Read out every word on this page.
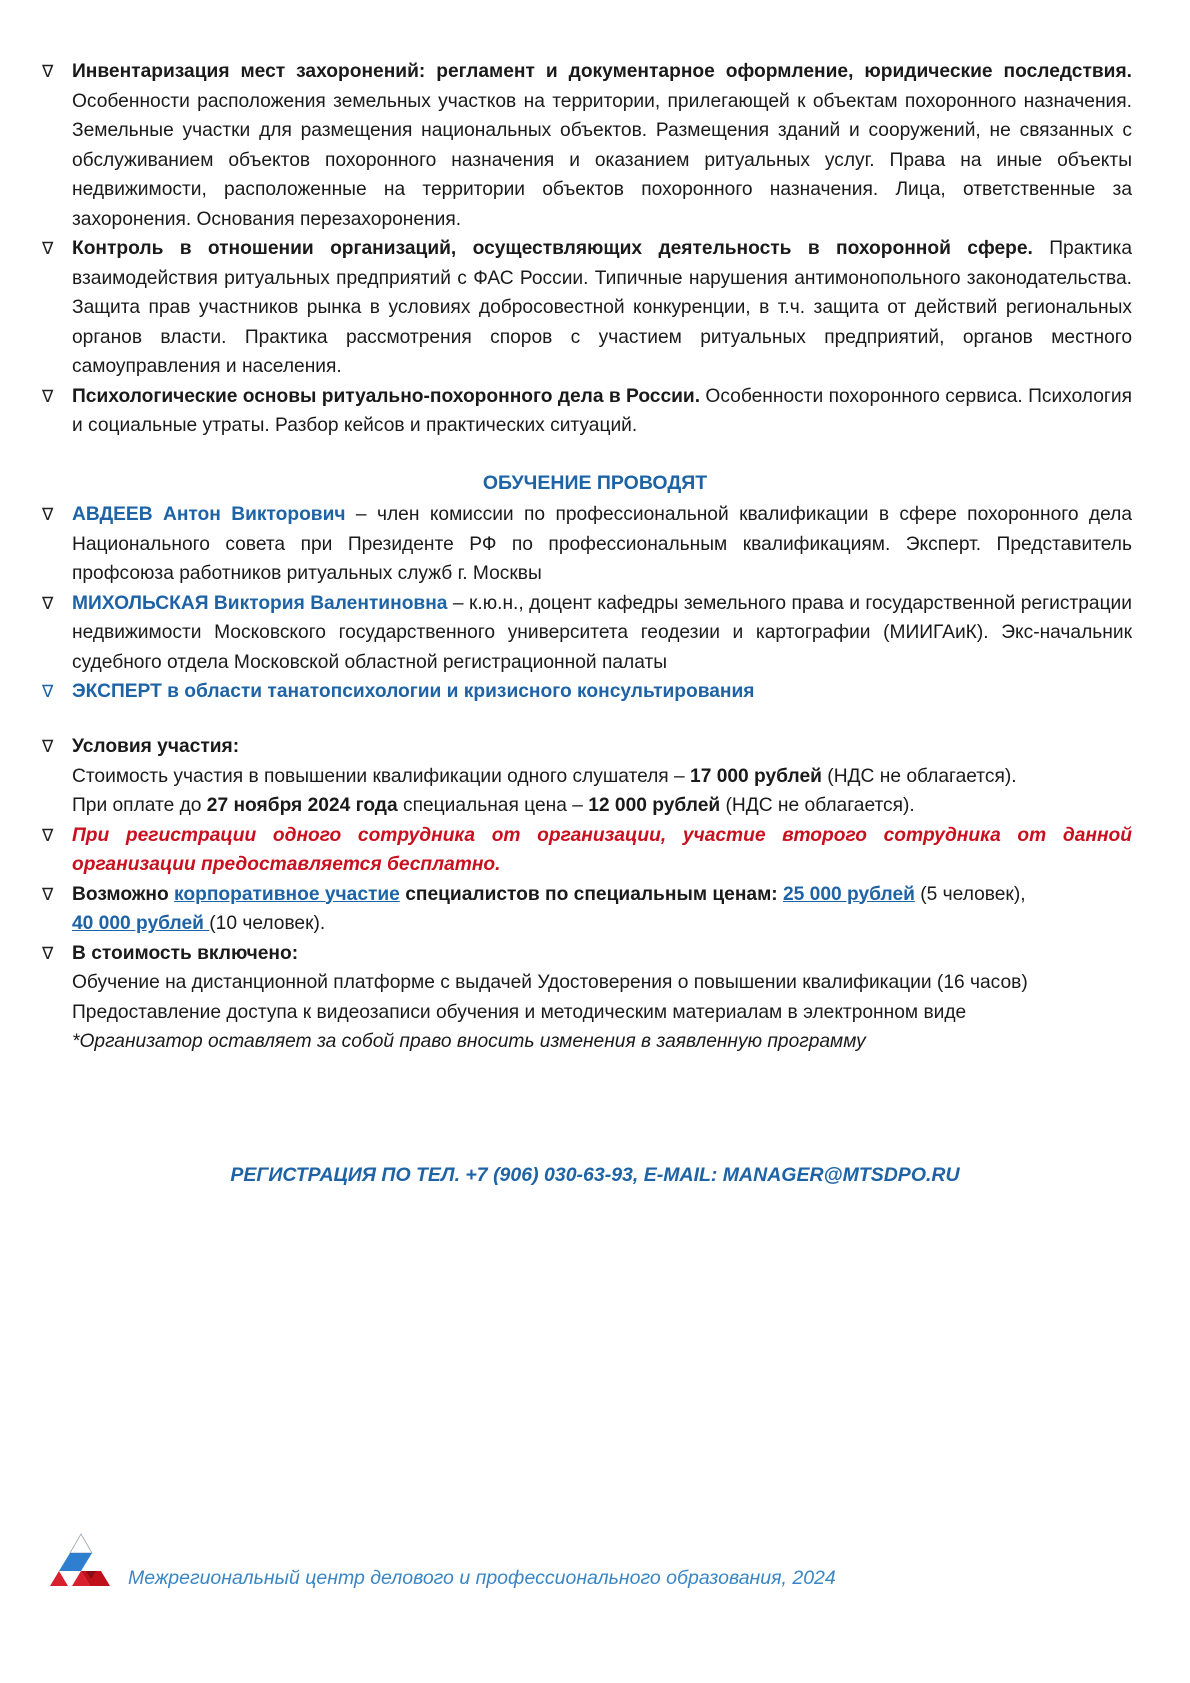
∇ Инвентаризация мест захоронений: регламент и документарное оформление, юридические последствия. Особенности расположения земельных участков на территории, прилегающей к объектам похоронного назначения. Земельные участки для размещения национальных объектов. Размещения зданий и сооружений, не связанных с обслуживанием объектов похоронного назначения и оказанием ритуальных услуг. Права на иные объекты недвижимости, расположенные на территории объектов похоронного назначения. Лица, ответственные за захоронения. Основания перезахоронения.
∇ Контроль в отношении организаций, осуществляющих деятельность в похоронной сфере. Практика взаимодействия ритуальных предприятий с ФАС России. Типичные нарушения антимонопольного законодательства. Защита прав участников рынка в условиях добросовестной конкуренции, в т.ч. защита от действий региональных органов власти. Практика рассмотрения споров с участием ритуальных предприятий, органов местного самоуправления и населения.
∇ Психологические основы ритуально-похоронного дела в России. Особенности похоронного сервиса. Психология и социальные утраты. Разбор кейсов и практических ситуаций.
ОБУЧЕНИЕ ПРОВОДЯТ
∇ АВДЕЕВ Антон Викторович – член комиссии по профессиональной квалификации в сфере похоронного дела Национального совета при Президенте РФ по профессиональным квалификациям. Эксперт. Представитель профсоюза работников ритуальных служб г. Москвы
∇ МИХОЛЬСКАЯ Виктория Валентиновна – к.ю.н., доцент кафедры земельного права и государственной регистрации недвижимости Московского государственного университета геодезии и картографии (МИИГАиК). Экс-начальник судебного отдела Московской областной регистрационной палаты
∇ ЭКСПЕРТ в области танатопсихологии и кризисного консультирования
∇ Условия участия:
Стоимость участия в повышении квалификации одного слушателя – 17 000 рублей (НДС не облагается).
При оплате до 27 ноября 2024 года специальная цена – 12 000 рублей (НДС не облагается).
∇ При регистрации одного сотрудника от организации, участие второго сотрудника от данной организации предоставляется бесплатно.
∇ Возможно корпоративное участие специалистов по специальным ценам: 25 000 рублей (5 человек),
40 000 рублей (10 человек).
∇ В стоимость включено:
Обучение на дистанционной платформе с выдачей Удостоверения о повышении квалификации (16 часов)
Предоставление доступа к видеозаписи обучения и методическим материалам в электронном виде
*Организатор оставляет за собой право вносить изменения в заявленную программу
РЕГИСТРАЦИЯ ПО ТЕЛ. +7 (906) 030-63-93, E-MAIL: MANAGER@MTSDPO.RU
Межрегиональный центр делового и профессионального образования, 2024
